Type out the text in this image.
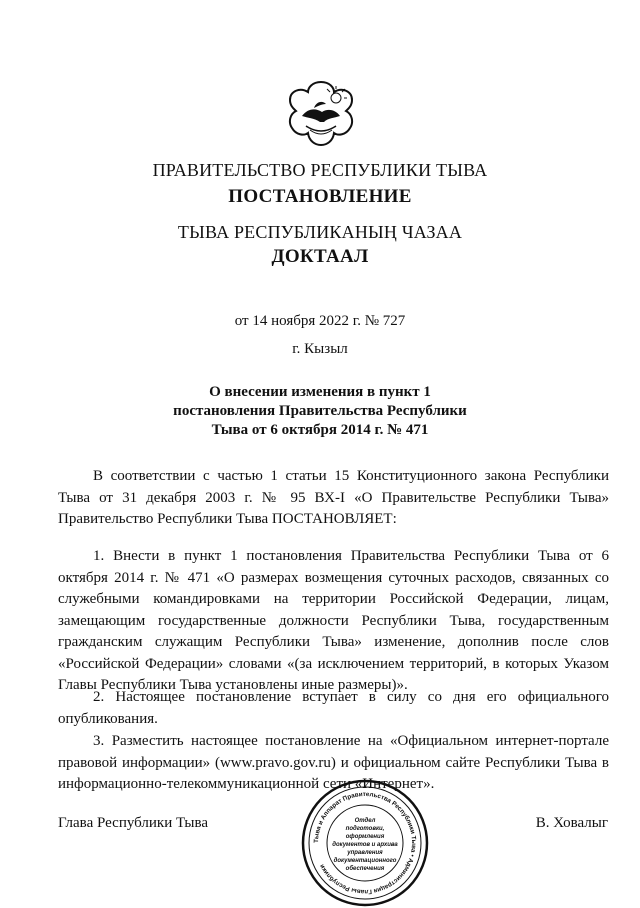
ПРАВИТЕЛЬСТВО РЕСПУБЛИКИ ТЫВА

ПОСТАНОВЛЕНИЕ

ТЫВА РЕСПУБЛИКАНЫҢ ЧАЗАА

ДОКТААЛ

от 14 ноября 2022 г. № 727

г. Кызыл

О внесении изменения в пункт 1
постановления Правительства Республики
Тыва от 6 октября 2014 г. № 471

В соответствии с частью 1 статьи 15 Конституционного закона Республики Тыва от 31 декабря 2003 г. № 95 ВХ-I «О Правительстве Республики Тыва» Правительство Республики Тыва ПОСТАНОВЛЯЕТ:

1. Внести в пункт 1 постановления Правительства Республики Тыва от 6 октября 2014 г. № 471 «О размерах возмещения суточных расходов, связанных со служебными командировками на территории Российской Федерации, лицам, замещающим государственные должности Республики Тыва, государственным гражданским служащим Республики Тыва» изменение, дополнив после слов «Российской Федерации» словами «(за исключением территорий, в которых Указом Главы Республики Тыва установлены иные размеры)».

2. Настоящее постановление вступает в силу со дня его официального опубликования.

3. Разместить настоящее постановление на «Официальном интернет-портале правовой информации» (www.pravo.gov.ru) и официальном сайте Республики Тыва в информационно-телекоммуникационной сети «Интернет».

Глава Республики Тыва	В. Ховалыг

Тыва и Аппарат Правительства Республики Тыва • Администрация Главы Республики
Отдел
подготовки,
оформления
документов и архива
управления
документационного
обеспечения
